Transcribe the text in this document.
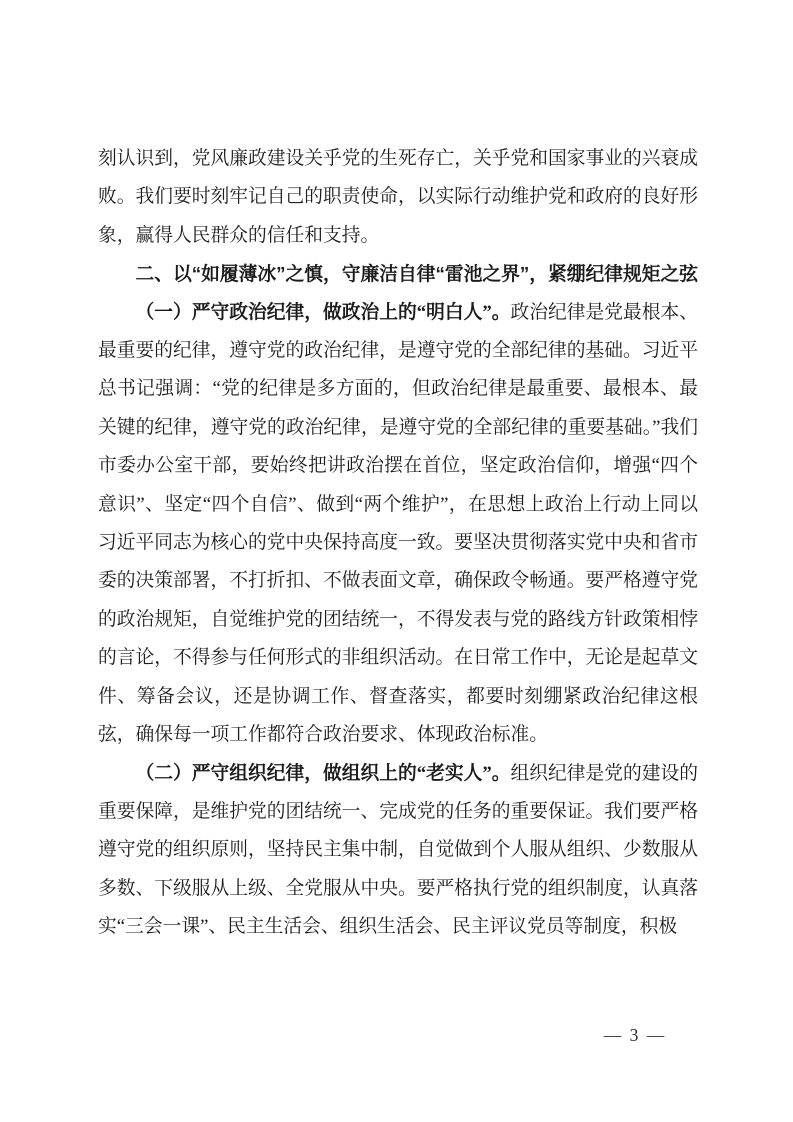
刻认识到，党风廉政建设关乎党的生死存亡，关乎党和国家事业的兴衰成败。我们要时刻牢记自己的职责使命，以实际行动维护党和政府的良好形象，赢得人民群众的信任和支持。

二、以“如履薄冰”之慎，守廉洁自律“雷池之界”，紧绷纪律规矩之弦

（一）严守政治纪律，做政治上的“明白人”。政治纪律是党最根本、最重要的纪律，遵守党的政治纪律，是遵守党的全部纪律的基础。习近平总书记强调：“党的纪律是多方面的，但政治纪律是最重要、最根本、最关键的纪律，遵守党的政治纪律，是遵守党的全部纪律的重要基础。”我们市委办公室干部，要始终把讲政治摆在首位，坚定政治信仰，增强“四个意识”、坚定“四个自信”、做到“两个维护”，在思想上政治上行动上同以习近平同志为核心的党中央保持高度一致。要坚决贯彻落实党中央和省市委的决策部署，不打折扣、不做表面文章，确保政令畅通。要严格遵守党的政治规矩，自觉维护党的团结统一，不得发表与党的路线方针政策相悖的言论，不得参与任何形式的非组织活动。在日常工作中，无论是起草文件、筹备会议，还是协调工作、督查落实，都要时刻绷紧政治纪律这根弦，确保每一项工作都符合政治要求、体现政治标准。

（二）严守组织纪律，做组织上的“老实人”。组织纪律是党的建设的重要保障，是维护党的团结统一、完成党的任务的重要保证。我们要严格遵守党的组织原则，坚持民主集中制，自觉做到个人服从组织、少数服从多数、下级服从上级、全党服从中央。要严格执行党的组织制度，认真落实“三会一课”、民主生活会、组织生活会、民主评议党员等制度，积极

— 3 —
